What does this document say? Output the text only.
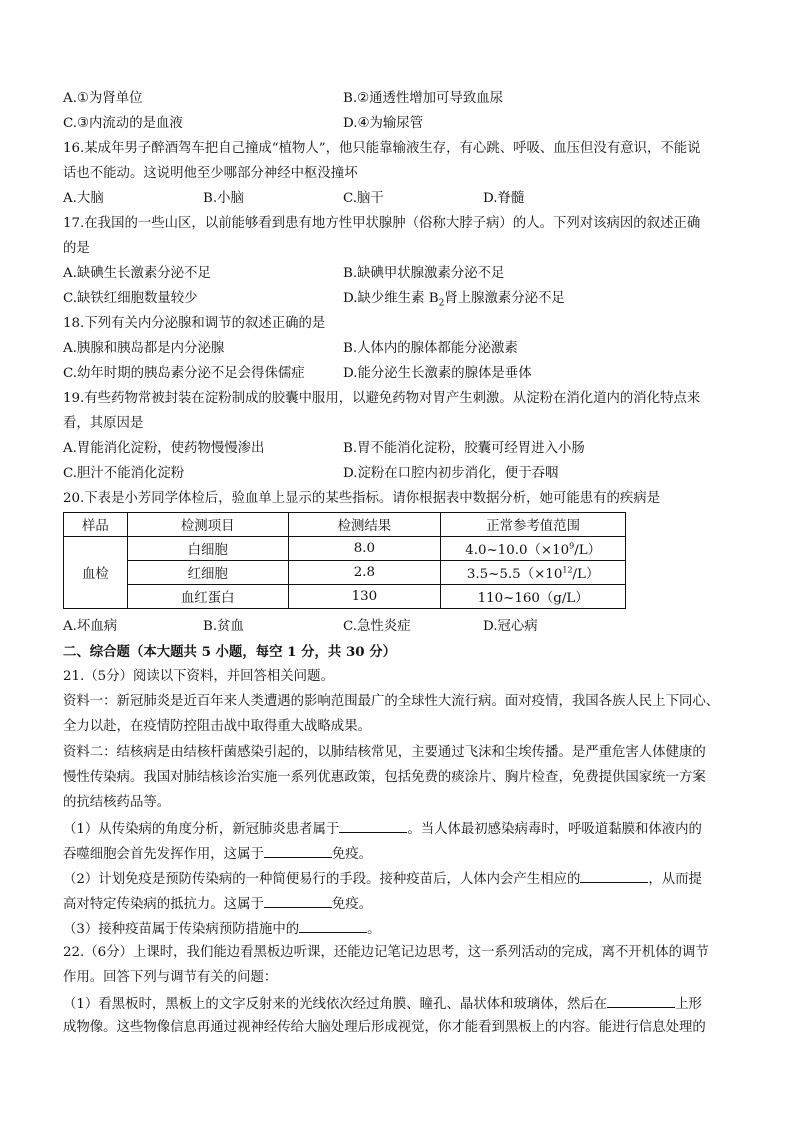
A.①为肾单位	B.②通透性增加可导致血尿
C.③内流动的是血液	D.④为输尿管
16.某成年男子醉酒驾车把自己撞成“植物人”，他只能靠输液生存，有心跳、呼吸、血压但没有意识，不能说
话也不能动。这说明他至少哪部分神经中枢没撞坏
A.大脑	B.小脑	C.脑干	D.脊髓
17.在我国的一些山区，以前能够看到患有地方性甲状腺肿（俗称大脖子病）的人。下列对该病因的叙述正确
的是
A.缺碘生长激素分泌不足	B.缺碘甲状腺激素分泌不足
C.缺铁红细胞数量较少	D.缺少维生素 $B_2$肾上腺激素分泌不足
18.下列有关内分泌腺和调节的叙述正确的是
A.胰腺和胰岛都是内分泌腺	B.人体内的腺体都能分泌激素
C.幼年时期的胰岛素分泌不足会得侏儒症	D.能分泌生长激素的腺体是垂体
19.有些药物常被封装在淀粉制成的胶囊中服用，以避免药物对胃产生刺激。从淀粉在消化道内的消化特点来
看，其原因是
A.胃能消化淀粉，使药物慢慢渗出	B.胃不能消化淀粉，胶囊可经胃进入小肠
C.胆汁不能消化淀粉	D.淀粉在口腔内初步消化，便于吞咽
20.下表是小芳同学体检后，验血单上显示的某些指标。请你根据表中数据分析，她可能患有的疾病是
样品	检测项目	检测结果	正常参考值范围
血检	白细胞	8.0	$4.0\sim 10.0(\times 10^9/L)$
	红细胞	2.8	$3.5\sim 5.5(\times 10^{12}/L)$
	血红蛋白	130	110~160（g/L）
A.坏血病	B.贫血	C.急性炎症	D.冠心病
二、综合题（本大题共 5 小题，每空 1 分，共 30 分）
21.（5分）阅读以下资料，并回答相关问题。
资料一：新冠肺炎是近百年来人类遭遇的影响范围最广的全球性大流行病。面对疫情，我国各族人民上下同心、
全力以赴，在疫情防控阻击战中取得重大战略成果。
资料二：结核病是由结核杆菌感染引起的，以肺结核常见，主要通过飞沫和尘埃传播。是严重危害人体健康的
慢性传染病。我国对肺结核诊治实施一系列优惠政策，包括免费的痰涂片、胸片检查，免费提供国家统一方案
的抗结核药品等。
（1）从传染病的角度分析，新冠肺炎患者属于	。当人体最初感染病毒时，呼吸道黏膜和体液内的
吞噬细胞会首先发挥作用，这属于	免疫。
（2）计划免疫是预防传染病的一种简便易行的手段。接种疫苗后，人体内会产生相应的	，从而提
高对特定传染病的抵抗力。这属于	免疫。
（3）接种疫苗属于传染病预防措施中的	。
22.（6分）上课时，我们能边看黑板边听课，还能边记笔记边思考，这一系列活动的完成，离不开机体的调节
作用。回答下列与调节有关的问题：
（1）看黑板时，黑板上的文字反射来的光线依次经过角膜、瞳孔、晶状体和玻璃体，然后在	上形
成物像。这些物像信息再通过视神经传给大脑处理后形成视觉，你才能看到黑板上的内容。能进行信息处理的
